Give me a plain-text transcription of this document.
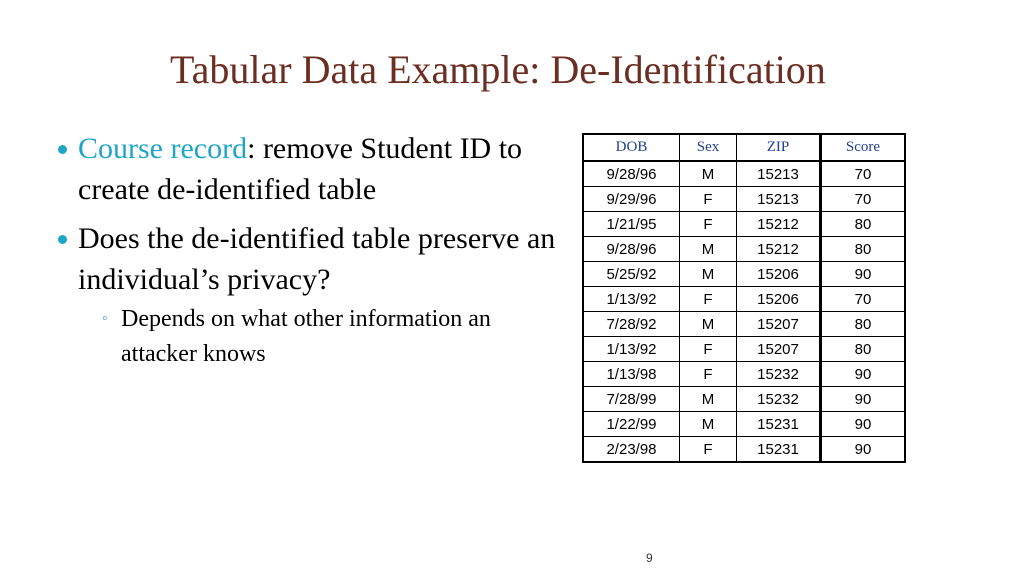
Tabular Data Example: De-Identification
Course record: remove Student ID to create de-identified table
Does the de-identified table preserve an individual’s privacy?
◦ Depends on what other information an attacker knows
DOB	Sex	ZIP	Score
9/28/96	M	15213	70
9/29/96	F	15213	70
1/21/95	F	15212	80
9/28/96	M	15212	80
5/25/92	M	15206	90
1/13/92	F	15206	70
7/28/92	M	15207	80
1/13/92	F	15207	80
1/13/98	F	15232	90
7/28/99	M	15232	90
1/22/99	M	15231	90
2/23/98	F	15231	90
9
